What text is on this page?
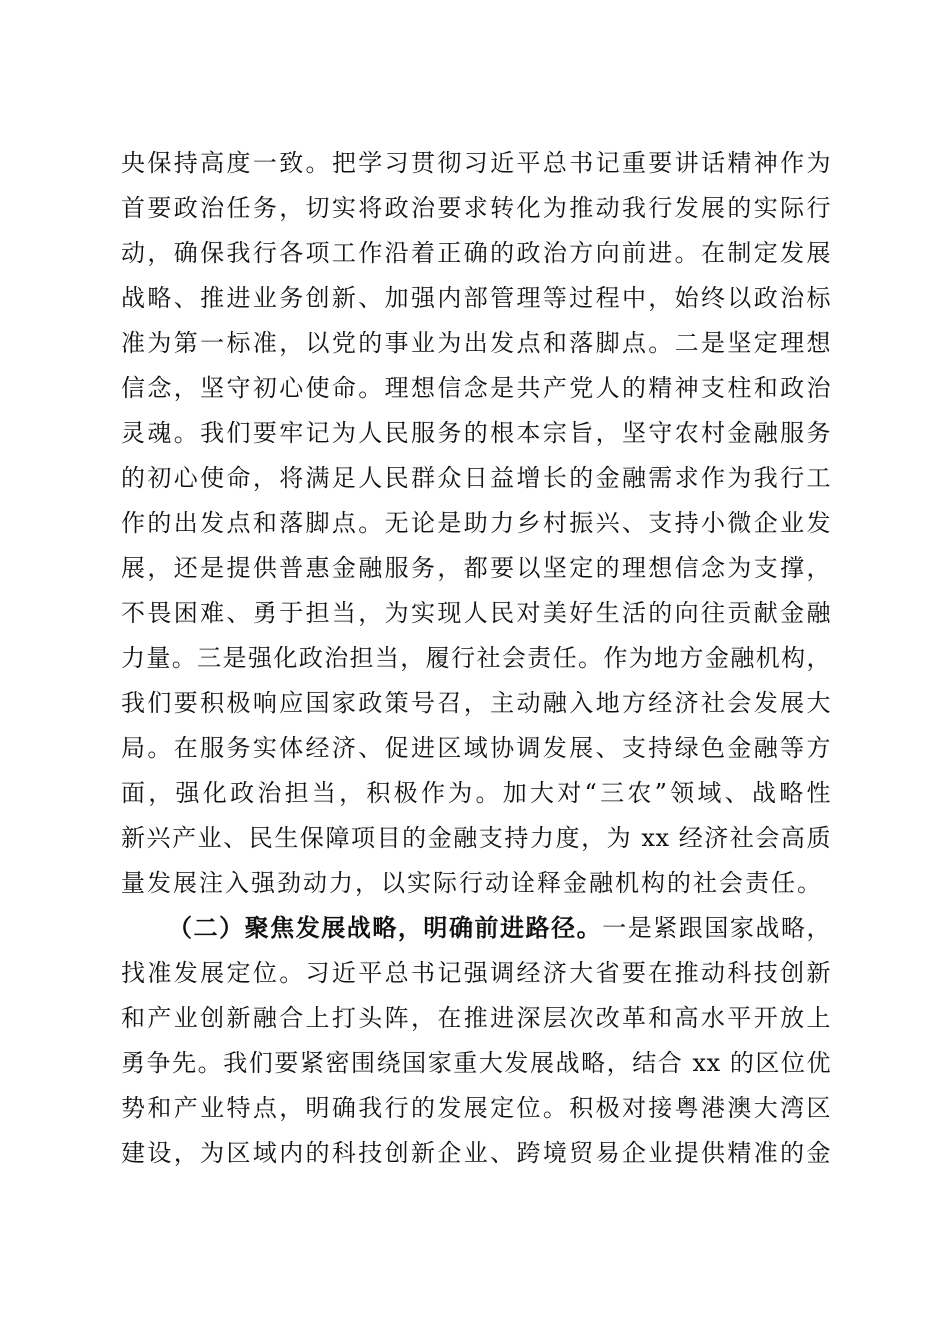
央保持高度一致。把学习贯彻习近平总书记重要讲话精神作为
首要政治任务，切实将政治要求转化为推动我行发展的实际行
动，确保我行各项工作沿着正确的政治方向前进。在制定发展
战略、推进业务创新、加强内部管理等过程中，始终以政治标
准为第一标准，以党的事业为出发点和落脚点。二是坚定理想
信念，坚守初心使命。理想信念是共产党人的精神支柱和政治
灵魂。我们要牢记为人民服务的根本宗旨，坚守农村金融服务
的初心使命，将满足人民群众日益增长的金融需求作为我行工
作的出发点和落脚点。无论是助力乡村振兴、支持小微企业发
展，还是提供普惠金融服务，都要以坚定的理想信念为支撑，
不畏困难、勇于担当，为实现人民对美好生活的向往贡献金融
力量。三是强化政治担当，履行社会责任。作为地方金融机构，
我们要积极响应国家政策号召，主动融入地方经济社会发展大
局。在服务实体经济、促进区域协调发展、支持绿色金融等方
面，强化政治担当，积极作为。加大对“三农”领域、战略性
新兴产业、民生保障项目的金融支持力度，为 xx 经济社会高质
量发展注入强劲动力，以实际行动诠释金融机构的社会责任。
（二）聚焦发展战略，明确前进路径。一是紧跟国家战略，
找准发展定位。习近平总书记强调经济大省要在推动科技创新
和产业创新融合上打头阵，在推进深层次改革和高水平开放上
勇争先。我们要紧密围绕国家重大发展战略，结合 xx 的区位优
势和产业特点，明确我行的发展定位。积极对接粤港澳大湾区
建设，为区域内的科技创新企业、跨境贸易企业提供精准的金
